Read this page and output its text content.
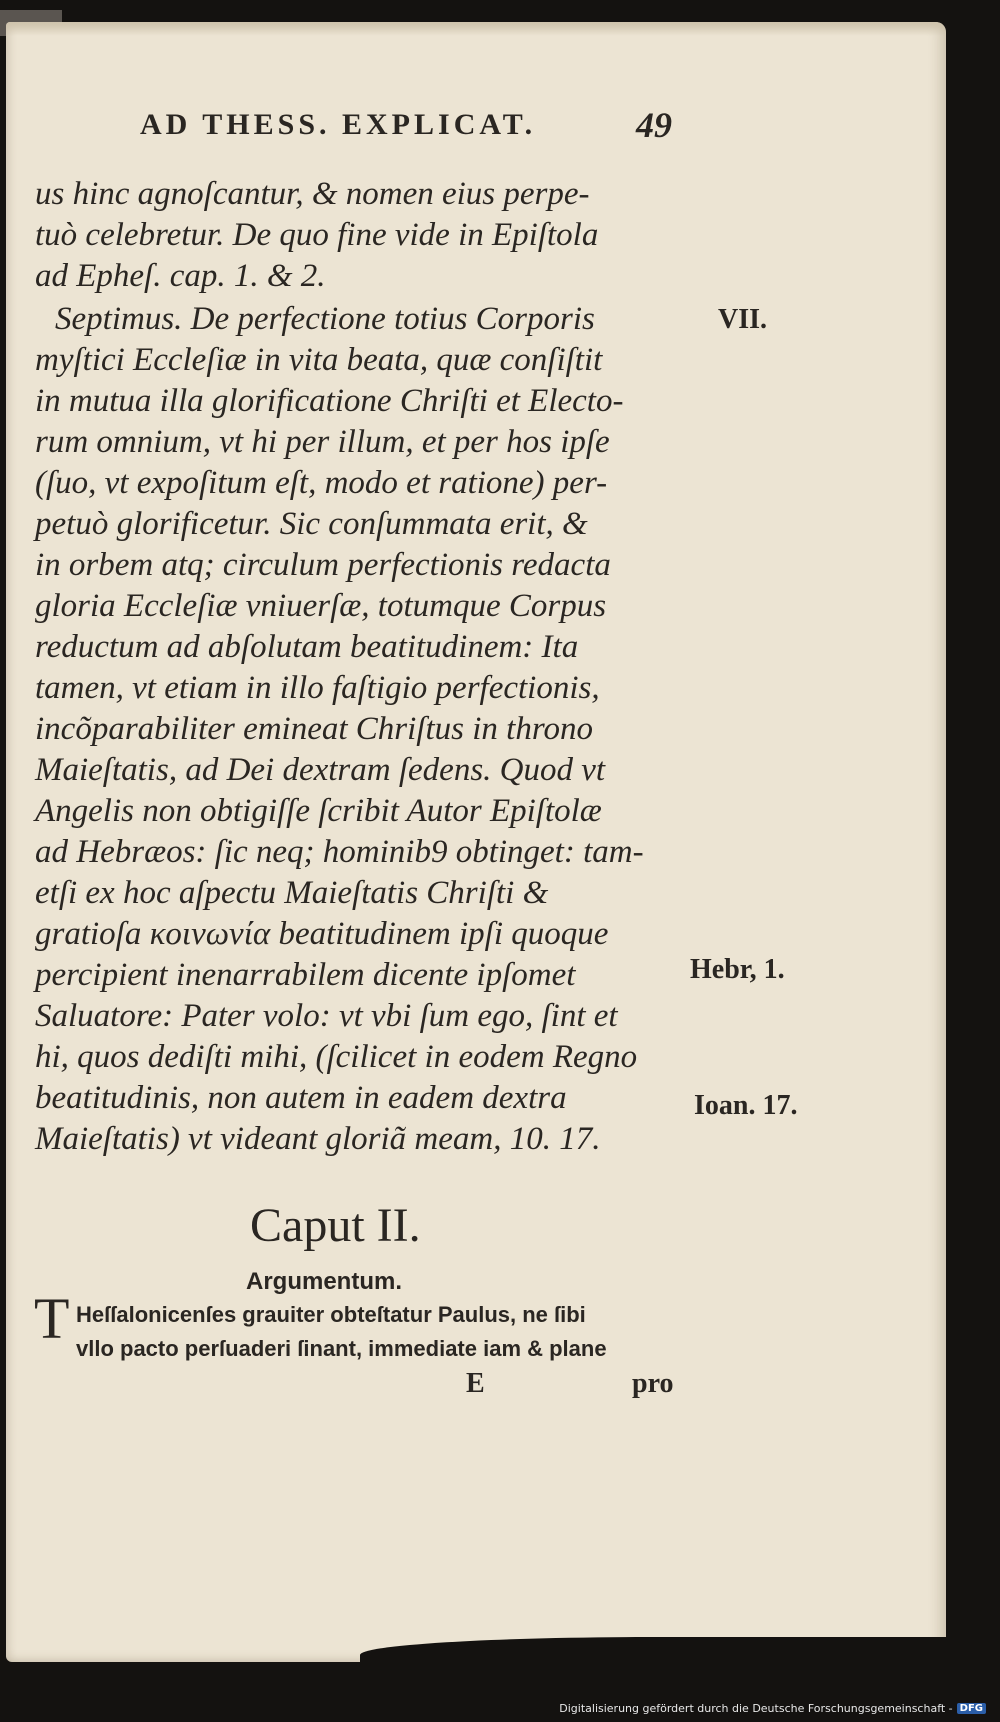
AD THESS. EXPLICAT.	49
us hinc agnoſcantur, & nomen eius perpe-
tuò celebretur. De quo fine vide in Epiſtola
ad Epheſ. cap. 1. & 2.
Septimus. De perfectione totius Corporis
myſtici Eccleſiæ in vita beata, quæ conſiſtit
in mutua illa glorificatione Chriſti et Electo-
rum omnium, vt hi per illum, et per hos ipſe
(ſuo, vt expoſitum eſt, modo et ratione) per-
petuò glorificetur. Sic conſummata erit, &
in orbem atq; circulum perfectionis redacta
gloria Eccleſiæ vniuerſæ, totumque Corpus
reductum ad abſolutam beatitudinem: Ita
tamen, vt etiam in illo faſtigio perfectionis,
incõparabiliter emineat Chriſtus in throno
Maieſtatis, ad Dei dextram ſedens. Quod vt
Angelis non obtigiſſe ſcribit Autor Epiſtolæ
ad Hebræos: ſic neq; hominib9 obtinget: tam-
etſi ex hoc aſpectu Maieſtatis Chriſti &
gratioſa κοινωνία beatitudinem ipſi quoque
percipient inenarrabilem dicente ipſomet
Saluatore: Pater volo: vt vbi ſum ego, ſint et
hi, quos dediſti mihi, (ſcilicet in eodem Regno
beatitudinis, non autem in eadem dextra
Maieſtatis) vt videant gloriã meam, 10. 17.
VII.
Hebr, 1.
Ioan. 17.
Caput II.
Argumentum.
T Heſſalonicenſes grauiter obteſtatur Paulus, ne ſibi
vllo pacto perſuaderi ſinant, immediate iam & plane
E	pro
Digitalisierung gefördert durch die Deutsche Forschungsgemeinschaft - DFG
